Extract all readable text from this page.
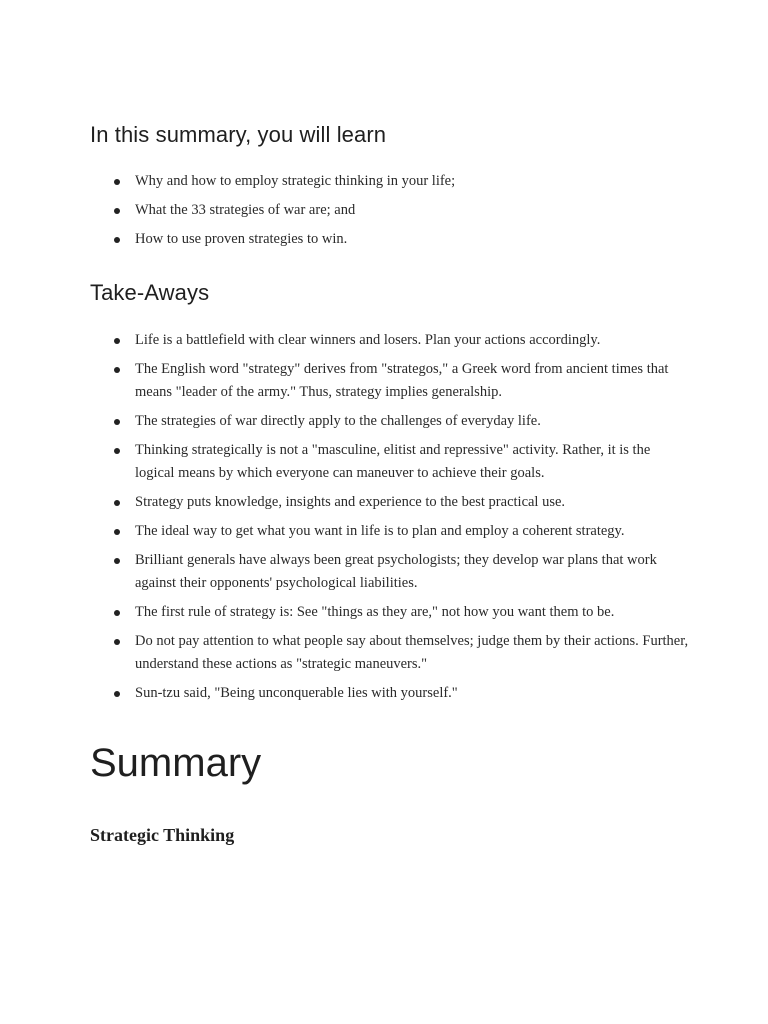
In this summary, you will learn
Why and how to employ strategic thinking in your life;
What the 33 strategies of war are; and
How to use proven strategies to win.
Take-Aways
Life is a battlefield with clear winners and losers. Plan your actions accordingly.
The English word "strategy" derives from "strategos," a Greek word from ancient times that means "leader of the army." Thus, strategy implies generalship.
The strategies of war directly apply to the challenges of everyday life.
Thinking strategically is not a "masculine, elitist and repressive" activity. Rather, it is the logical means by which everyone can maneuver to achieve their goals.
Strategy puts knowledge, insights and experience to the best practical use.
The ideal way to get what you want in life is to plan and employ a coherent strategy.
Brilliant generals have always been great psychologists; they develop war plans that work against their opponents' psychological liabilities.
The first rule of strategy is: See "things as they are," not how you want them to be.
Do not pay attention to what people say about themselves; judge them by their actions. Further, understand these actions as "strategic maneuvers."
Sun-tzu said, "Being unconquerable lies with yourself."
Summary
Strategic Thinking
